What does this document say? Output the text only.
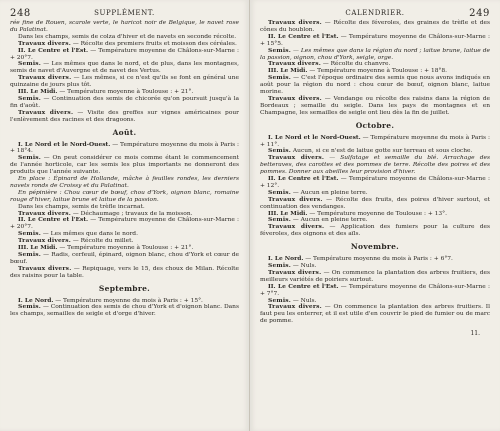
248	SUPPLÉMENT.

rée fine de Rouen, scarole verte, le haricot noir de Belgique, le navet rose du Palatinat.

Dans les champs, semis de colza d'hiver et de navets en seconde récolte.

Travaux divers. — Récolte des premiers fruits et moisson des céréales.

II. Le Centre et l'Est. — Température moyenne de Châlons-sur-Marne : + 20°7.

Semis. — Les mêmes que dans le nord, et de plus, dans les montagnes, semis de navet d'Auvergne et de navet des Vertus.

Travaux divers. — Les mêmes, si ce n'est qu'ils se font en général une quinzaine de jours plus tôt.

III. Le Midi. — Température moyenne à Toulouse : + 21°.

Semis. — Continuation des semis de chicorée qu'on poursuit jusqu'à la fin d'août.

Travaux divers. — Visite des greffes sur vignes américaines pour l'enlèvement des racines et des dragoons.

Août.

I. Le Nord et le Nord-Ouest. — Température moyenne du mois à Paris : + 18°4.

Semis. — On peut considérer ce mois comme étant le commencement de l'année horticole, car les semis les plus importants ne donneront des produits que l'année suivante.

En place : Épinard de Hollande, mâche à feuilles rondes, les derniers navets ronds de Croissy et du Palatinat.

En pépinière : Chou cœur de bœuf, chou d'York, oignon blanc, romaine rouge d'hiver, laitue brune et laitue de la passion.

Dans les champs, semis de trèfle incarnat.

Travaux divers. — Déchaumage ; travaux de la moisson.

II. Le Centre et l'Est. — Température moyenne de Châlons-sur-Marne : + 20°7.

Semis. — Les mêmes que dans le nord.

Travaux divers. — Récolte du millet.

III. Le Midi. — Température moyenne à Toulouse : + 21°.

Semis. — Radis, cerfeuil, épinard, oignon blanc, chou d'York et cœur de bœuf.

Travaux divers. — Repiquage, vers le 15, des choux de Milan. Récolte des raisins pour la table.

Septembre.

I. Le Nord. — Température moyenne du mois à Paris : + 15°.

Semis. — Continuation des semis de chou d'York et d'oignon blanc. Dans les champs, semailles de seigle et d'orge d'hiver.

CALENDRIER.	249

Travaux divers. — Récolte des féveroles, des graines de trèfle et des cônes du houblon.

II. Le Centre et l'Est. — Température moyenne de Châlons-sur-Marne : + 15°5.

Semis. — Les mêmes que dans la région du nord ; laitue brune, laitue de la passion, oignon, chou d'York, seigle, orge.

Travaux divers. — Récolte du chanvre.

III. Le Midi. — Température moyenne à Toulouse : + 18°8.

Semis. — C'est l'époque ordinaire des semis que nous avons indiqués en août pour la région du nord : chou cœur de bœuf, oignon blanc, laitue morine.

Travaux divers. — Vendange ou récolte des raisins dans la région de Bordeaux ; semaille du seigle. Dans les pays de montagnes et en Champagne, les semailles de seigle ont lieu dès la fin de juillet.

Octobre.

I. Le Nord et le Nord-Ouest. — Température moyenne du mois à Paris : + 11°.

Semis. Aucun, si ce n'est de laitue gotte sur terreau et sous cloche.

Travaux divers. — Sulfatage et semaille du blé. Arrachage des betteraves, des carottes et des pommes de terre. Récolte des poires et des pommes. Donner aux abeilles leur provision d'hiver.

II. Le Centre et l'Est. — Température moyenne de Châlons-sur-Marne : + 12°.

Semis. — Aucun en pleine terre.

Travaux divers. — Récolte des fruits, des poires d'hiver surtout, et continuation des vendanges.

III. Le Midi. — Température moyenne de Toulouse : + 13°.

Semis. — Aucun en pleine terre.

Travaux divers. — Application des fumiers pour la culture des féveroles, des oignons et des aïls.

Novembre.

I. Le Nord. — Température moyenne du mois à Paris : + 6°7.

Semis. — Nuls.

Travaux divers. — On commence la plantation des arbres fruitiers, des meilleurs variétés de poiriers surtout.

II. Le Centre et l'Est. — Température moyenne de Châlons-sur-Marne : + 7°7.

Semis. — Nuls.

Travaux divers. — On commence la plantation des arbres fruitiers. Il faut peu les enterrer, et il est utile d'en couvrir le pied de fumier ou de marc de pomme.

11.
